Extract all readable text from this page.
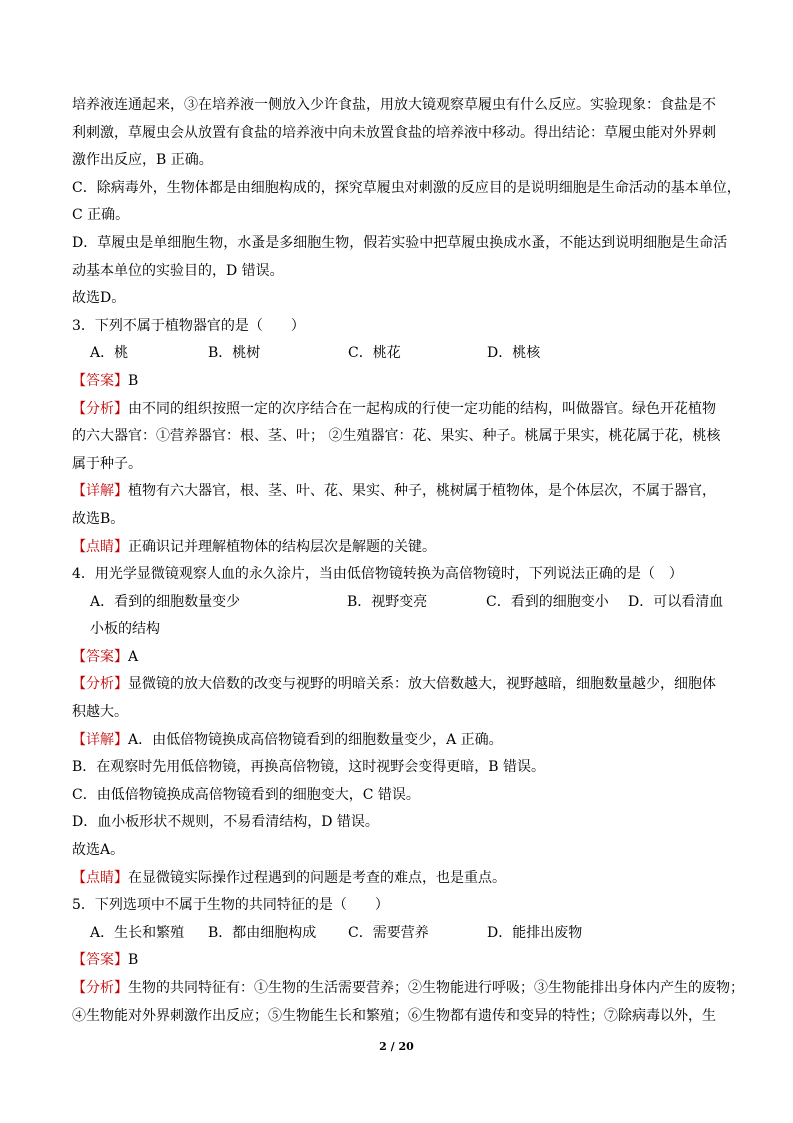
培养液连通起来，③在培养液一侧放入少许食盐，用放大镜观察草履虫有什么反应。实验现象：食盐是不
利刺激，草履虫会从放置有食盐的培养液中向未放置食盐的培养液中移动。得出结论：草履虫能对外界刺
激作出反应，B 正确。
C．除病毒外，生物体都是由细胞构成的，探究草履虫对刺激的反应目的是说明细胞是生命活动的基本单位，
C 正确。
D．草履虫是单细胞生物，水蚤是多细胞生物，假若实验中把草履虫换成水蚤，不能达到说明细胞是生命活
动基本单位的实验目的，D 错误。
故选D。
3．下列不属于植物器官的是（　　）
A．桃	B．桃树	C．桃花	D．桃核
【答案】B
【分析】由不同的组织按照一定的次序结合在一起构成的行使一定功能的结构，叫做器官。绿色开花植物
的六大器官：①营养器官：根、茎、叶； ②生殖器官：花、果实、种子。桃属于果实，桃花属于花，桃核
属于种子。
【详解】植物有六大器官，根、茎、叶、花、果实、种子，桃树属于植物体，是个体层次，不属于器官，
故选B。
【点睛】正确识记并理解植物体的结构层次是解题的关键。
4．用光学显微镜观察人血的永久涂片，当由低倍物镜转换为高倍物镜时，下列说法正确的是（　）
A．看到的细胞数量变少	B．视野变亮	C．看到的细胞变小	D．可以看清血
小板的结构
【答案】A
【分析】显微镜的放大倍数的改变与视野的明暗关系：放大倍数越大，视野越暗，细胞数量越少，细胞体
积越大。
【详解】A．由低倍物镜换成高倍物镜看到的细胞数量变少，A 正确。
B．在观察时先用低倍物镜，再换高倍物镜，这时视野会变得更暗，B 错误。
C．由低倍物镜换成高倍物镜看到的细胞变大，C 错误。
D．血小板形状不规则，不易看清结构，D 错误。
故选A。
【点睛】在显微镜实际操作过程遇到的问题是考查的难点，也是重点。
5．下列选项中不属于生物的共同特征的是（　　）
A．生长和繁殖	B．都由细胞构成	C．需要营养	D．能排出废物
【答案】B
【分析】生物的共同特征有：①生物的生活需要营养；②生物能进行呼吸；③生物能排出身体内产生的废物；
④生物能对外界刺激作出反应；⑤生物能生长和繁殖；⑥生物都有遗传和变异的特性；⑦除病毒以外，生
2 / 20
